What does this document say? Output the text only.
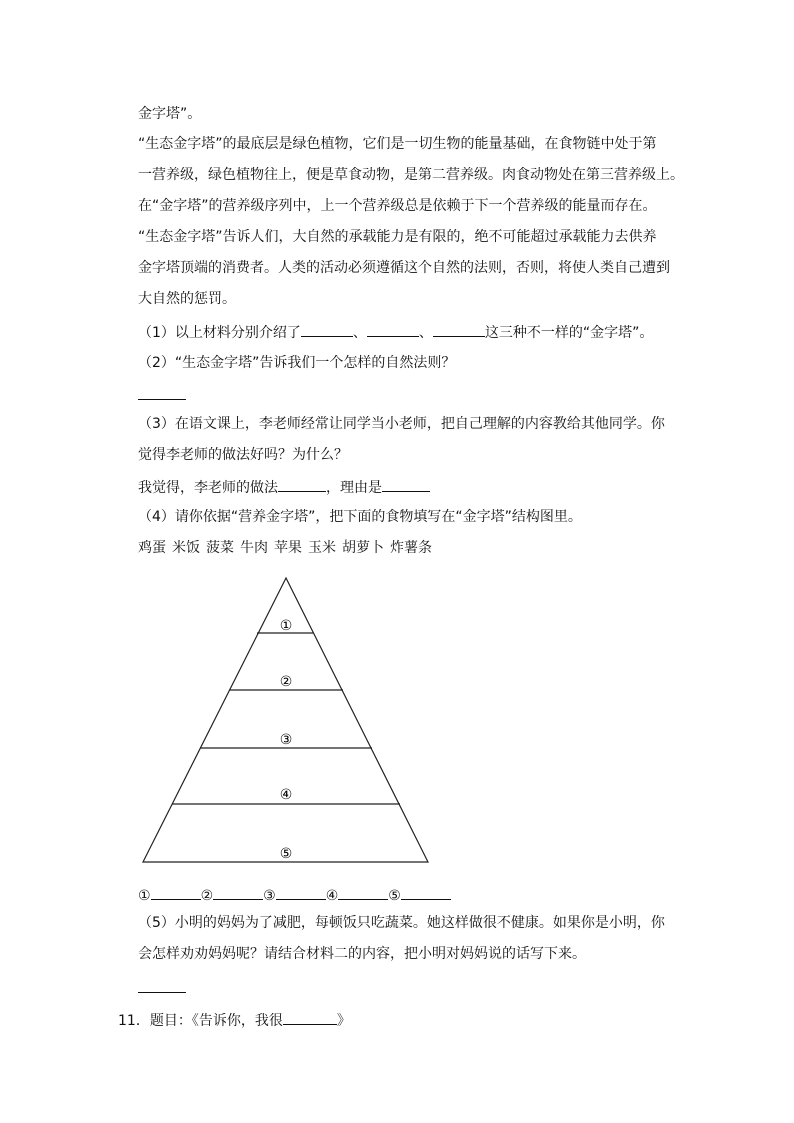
金字塔”。
“生态金字塔”的最底层是绿色植物，它们是一切生物的能量基础，在食物链中处于第
一营养级，绿色植物往上，便是草食动物，是第二营养级。肉食动物处在第三营养级上。
在“金字塔”的营养级序列中，上一个营养级总是依赖于下一个营养级的能量而存在。
“生态金字塔”告诉人们，大自然的承载能力是有限的，绝不可能超过承载能力去供养
金字塔顶端的消费者。人类的活动必须遵循这个自然的法则，否则，将使人类自己遭到
大自然的惩罚。
（1）以上材料分别介绍了	、	、	这三种不一样的“金字塔”。
（2）“生态金字塔”告诉我们一个怎样的自然法则？
（3）在语文课上，李老师经常让同学当小老师，把自己理解的内容教给其他同学。你
觉得李老师的做法好吗？为什么？
我觉得，李老师的做法	，理由是
（4）请你依据“营养金字塔”，把下面的食物填写在“金字塔”结构图里。
鸡蛋 米饭 菠菜 牛肉 苹果 玉米 胡萝卜 炸薯条
①
②
③
④
⑤
①	②	③	④	⑤
（5）小明的妈妈为了减肥，每顿饭只吃蔬菜。她这样做很不健康。如果你是小明，你
会怎样劝劝妈妈呢？请结合材料二的内容，把小明对妈妈说的话写下来。
11．题目：《告诉你，我很	》
